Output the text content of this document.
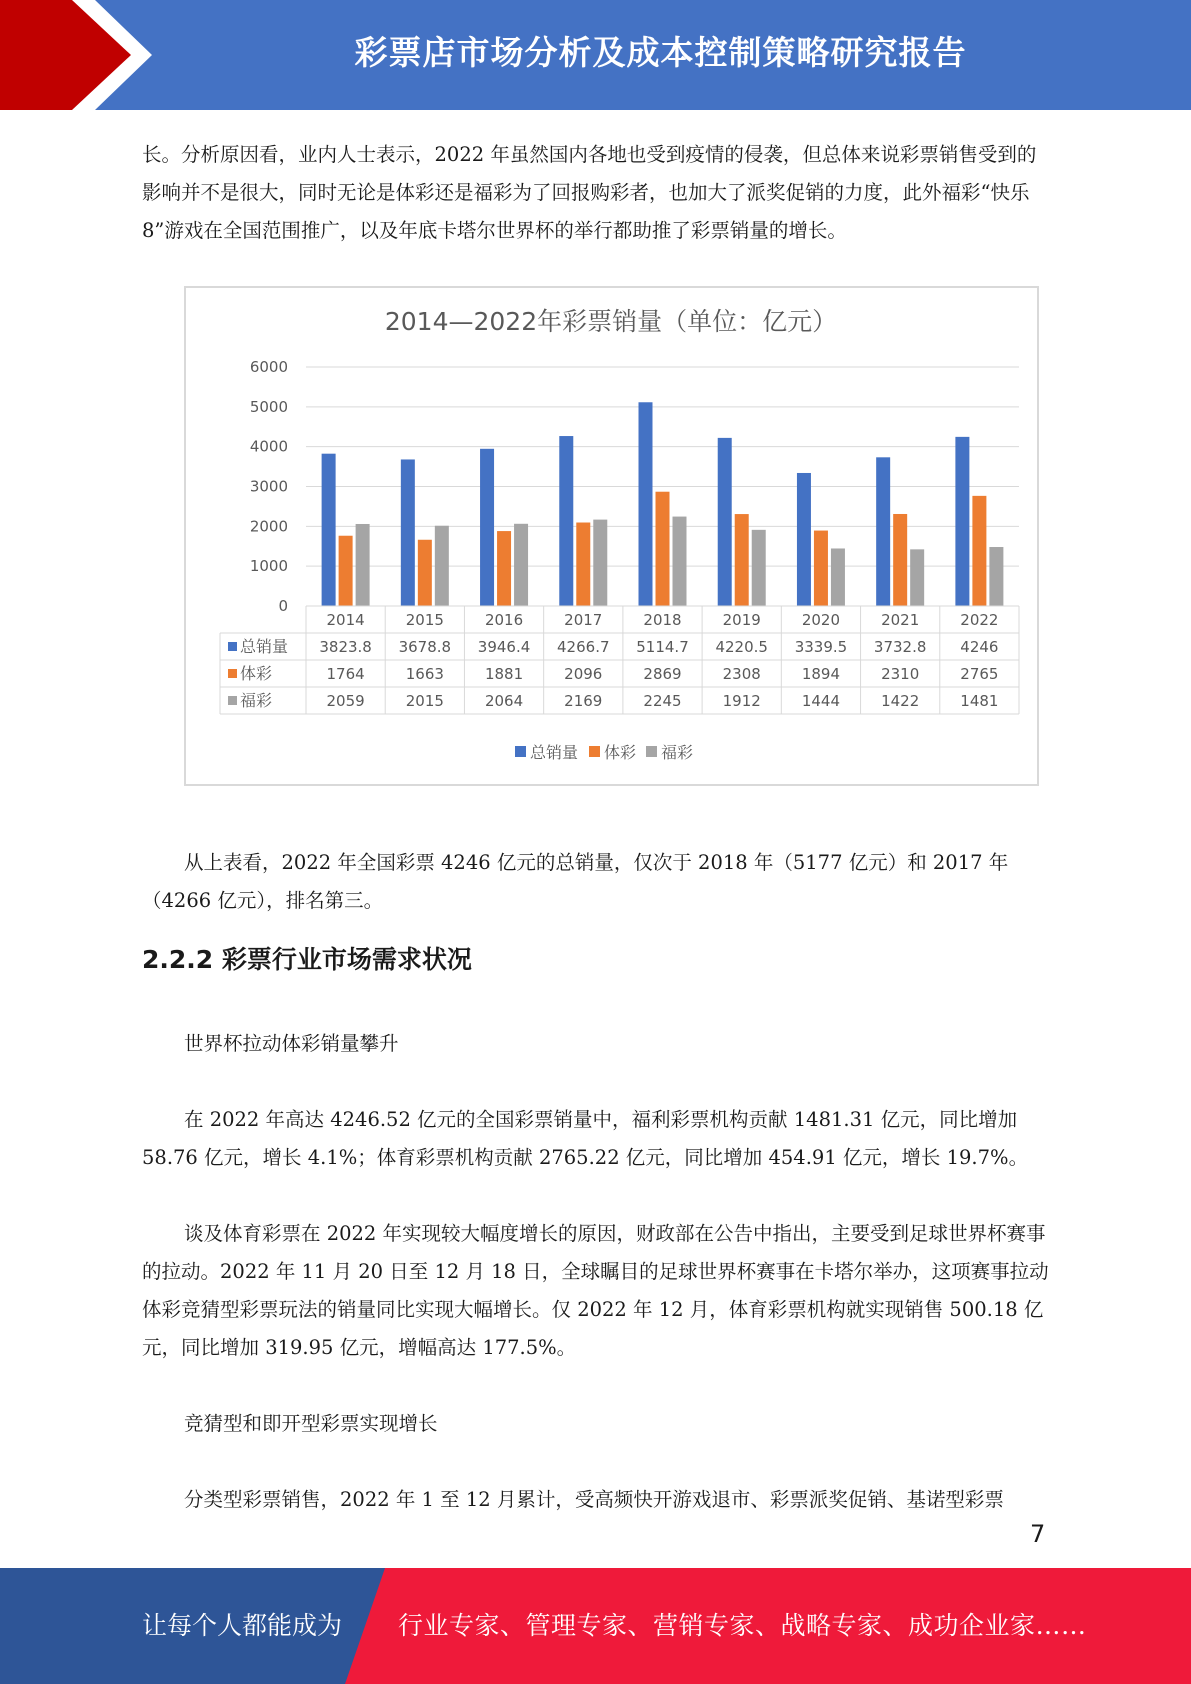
彩票店市场分析及成本控制策略研究报告

长。分析原因看，业内人士表示，2022 年虽然国内各地也受到疫情的侵袭，但总体来说彩票销售受到的影响并不是很大，同时无论是体彩还是福彩为了回报购彩者，也加大了派奖促销的力度，此外福彩“快乐 8”游戏在全国范围推广，以及年底卡塔尔世界杯的举行都助推了彩票销量的增长。

2014—2022年彩票销量（单位：亿元）
0
1000
2000
3000
4000
5000
6000
2014	2015	2016	2017	2018	2019	2020	2021	2022
总销量 3823.8 3678.8 3946.4 4266.7 5114.7 4220.5 3339.5 3732.8 4246
体彩	1764	1663	1881	2096	2869	2308	1894	2310	2765
福彩	2059	2015	2064	2169	2245	1912	1444	1422	1481
总销量 体彩 福彩

从上表看，2022 年全国彩票 4246 亿元的总销量，仅次于 2018 年（5177 亿元）和 2017 年（4266 亿元），排名第三。

2.2.2 彩票行业市场需求状况

世界杯拉动体彩销量攀升

在 2022 年高达 4246.52 亿元的全国彩票销量中，福利彩票机构贡献 1481.31 亿元，同比增加 58.76 亿元，增长 4.1%；体育彩票机构贡献 2765.22 亿元，同比增加 454.91 亿元，增长 19.7%。

谈及体育彩票在 2022 年实现较大幅度增长的原因，财政部在公告中指出，主要受到足球世界杯赛事的拉动。2022 年 11 月 20 日至 12 月 18 日，全球瞩目的足球世界杯赛事在卡塔尔举办，这项赛事拉动体彩竞猜型彩票玩法的销量同比实现大幅增长。仅 2022 年 12 月，体育彩票机构就实现销售 500.18 亿元，同比增加 319.95 亿元，增幅高达 177.5%。

竞猜型和即开型彩票实现增长

分类型彩票销售，2022 年 1 至 12 月累计，受高频快开游戏退市、彩票派奖促销、基诺型彩票

7
让每个人都能成为 行业专家、管理专家、营销专家、战略专家、成功企业家……
